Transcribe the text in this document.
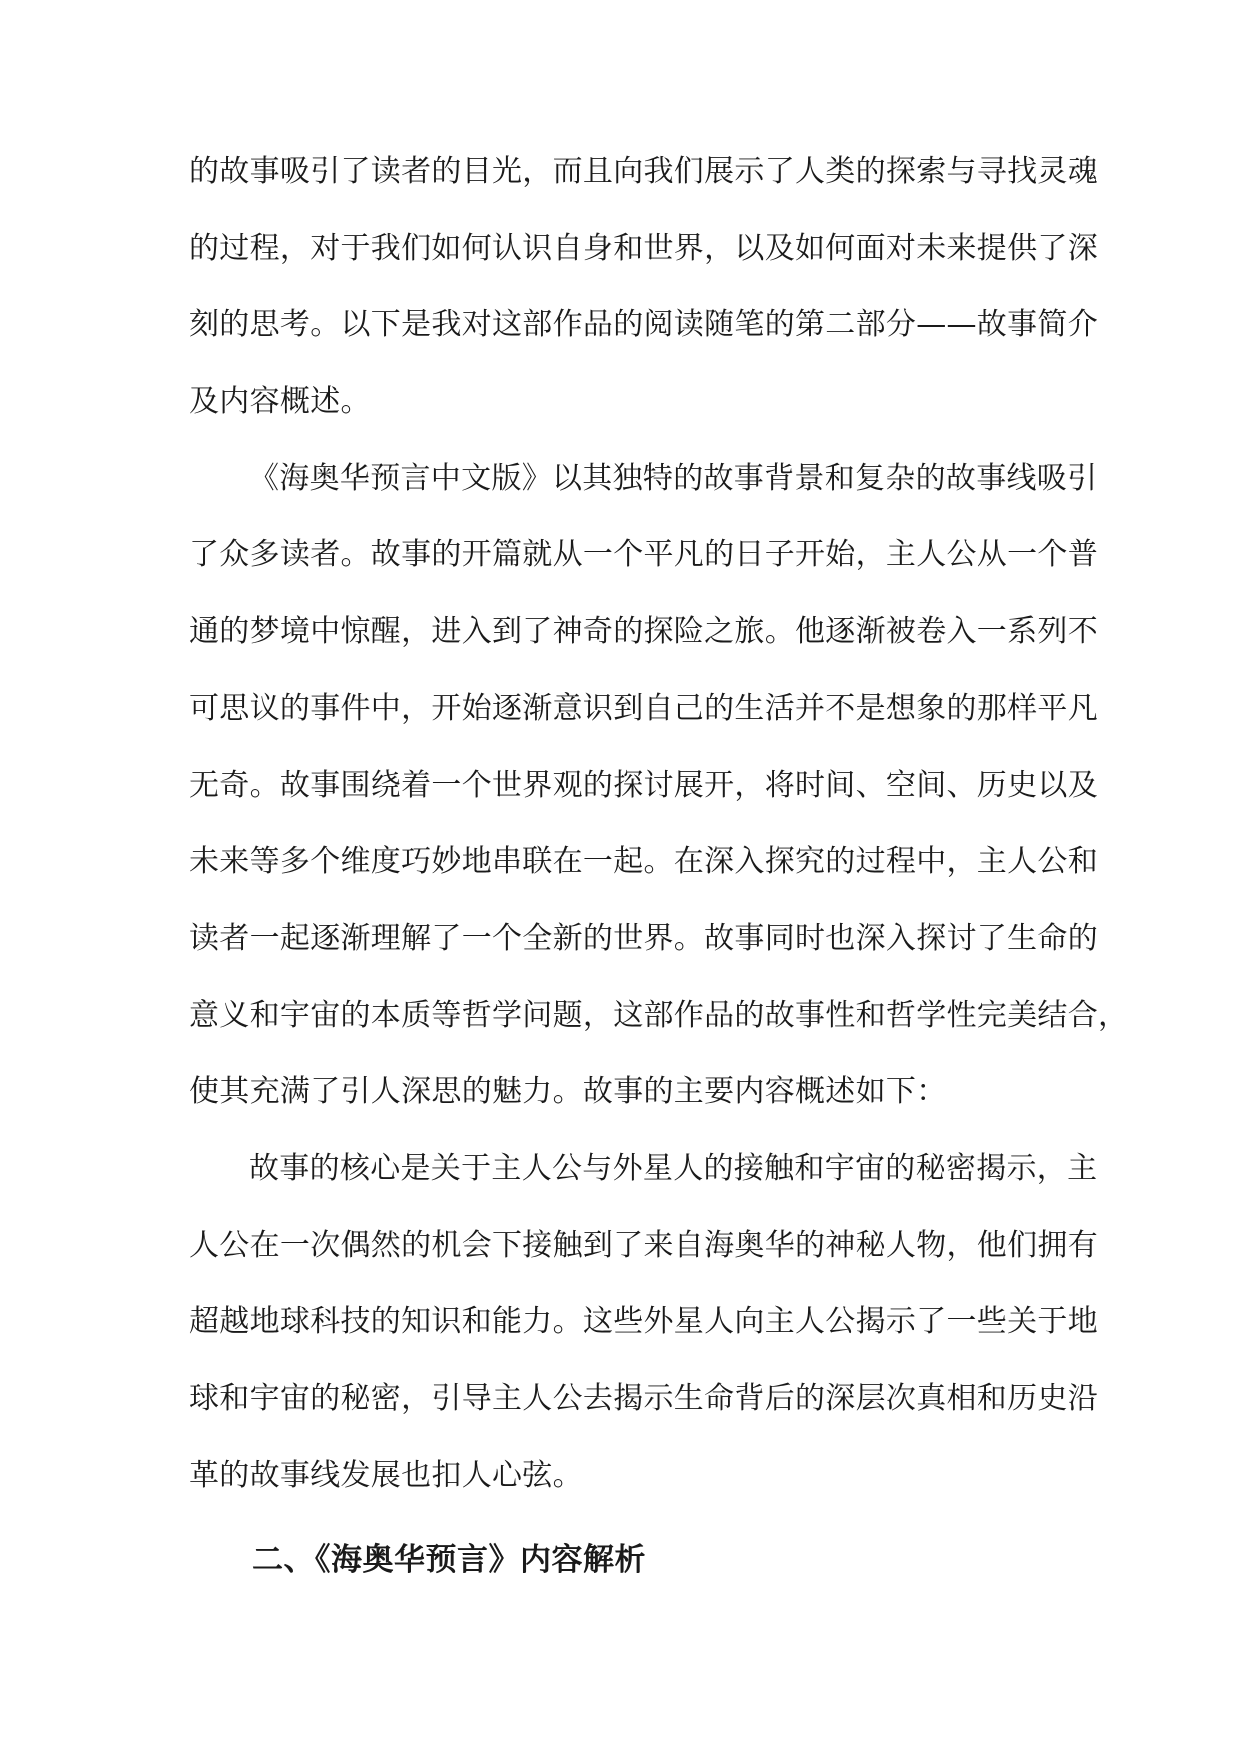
的故事吸引了读者的目光，而且向我们展示了人类的探索与寻找灵魂
的过程，对于我们如何认识自身和世界，以及如何面对未来提供了深
刻的思考。以下是我对这部作品的阅读随笔的第二部分——故事简介
及内容概述。
《海奥华预言中文版》以其独特的故事背景和复杂的故事线吸引
了众多读者。故事的开篇就从一个平凡的日子开始，主人公从一个普
通的梦境中惊醒，进入到了神奇的探险之旅。他逐渐被卷入一系列不
可思议的事件中，开始逐渐意识到自己的生活并不是想象的那样平凡
无奇。故事围绕着一个世界观的探讨展开，将时间、空间、历史以及
未来等多个维度巧妙地串联在一起。在深入探究的过程中，主人公和
读者一起逐渐理解了一个全新的世界。故事同时也深入探讨了生命的
意义和宇宙的本质等哲学问题，这部作品的故事性和哲学性完美结合，
使其充满了引人深思的魅力。故事的主要内容概述如下：
故事的核心是关于主人公与外星人的接触和宇宙的秘密揭示，主
人公在一次偶然的机会下接触到了来自海奥华的神秘人物，他们拥有
超越地球科技的知识和能力。这些外星人向主人公揭示了一些关于地
球和宇宙的秘密，引导主人公去揭示生命背后的深层次真相和历史沿
革的故事线发展也扣人心弦。
二、《海奥华预言》内容解析
